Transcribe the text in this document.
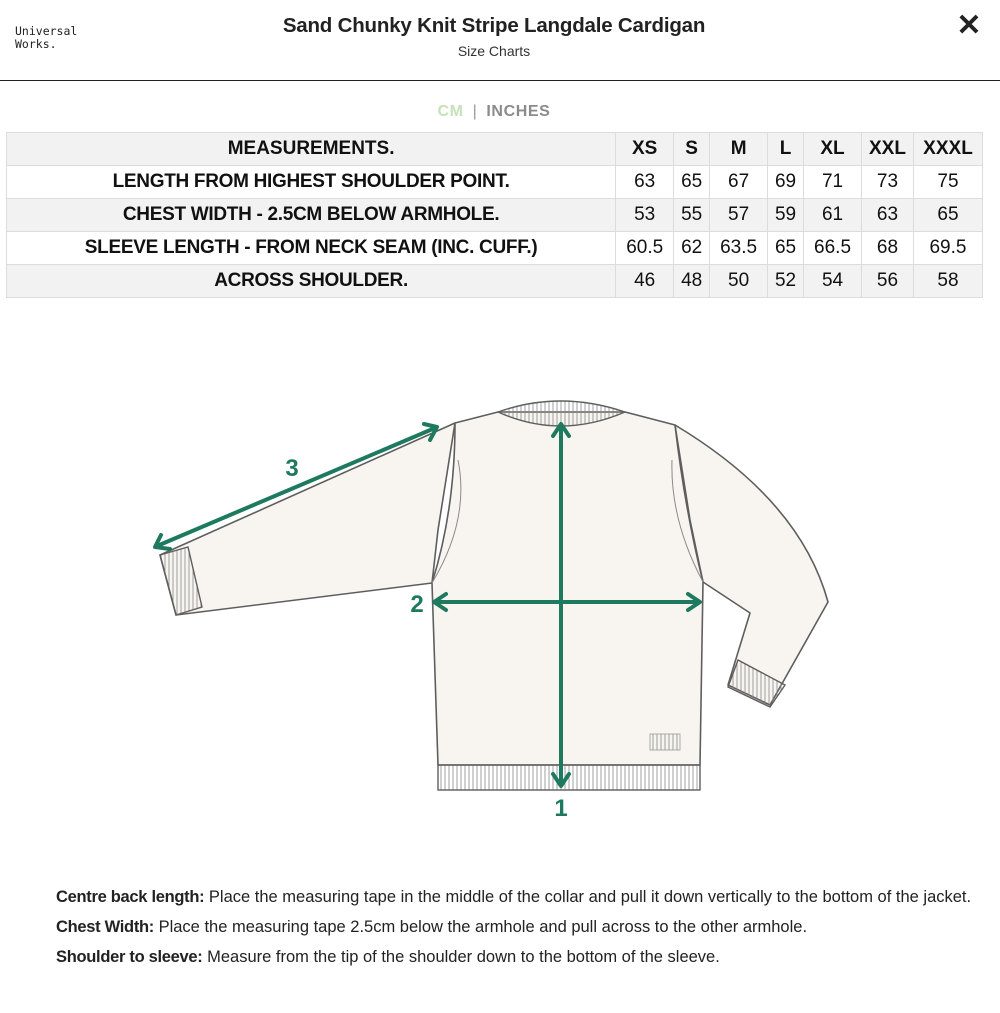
Universal
Works.
Sand Chunky Knit Stripe Langdale Cardigan
Size Charts
✕
CM | INCHES
MEASUREMENTS.	XS	S	M	L	XL	XXL	XXXL
LENGTH FROM HIGHEST SHOULDER POINT.	63	65	67	69	71	73	75
CHEST WIDTH - 2.5CM BELOW ARMHOLE.	53	55	57	59	61	63	65
SLEEVE LENGTH - FROM NECK SEAM (INC. CUFF.)	60.5	62	63.5	65	66.5	68	69.5
ACROSS SHOULDER.	46	48	50	52	54	56	58
1
2
3

Centre back length: Place the measuring tape in the middle of the collar and pull it down vertically to the bottom of the jacket.

Chest Width: Place the measuring tape 2.5cm below the armhole and pull across to the other armhole.

Shoulder to sleeve: Measure from the tip of the shoulder down to the bottom of the sleeve.
